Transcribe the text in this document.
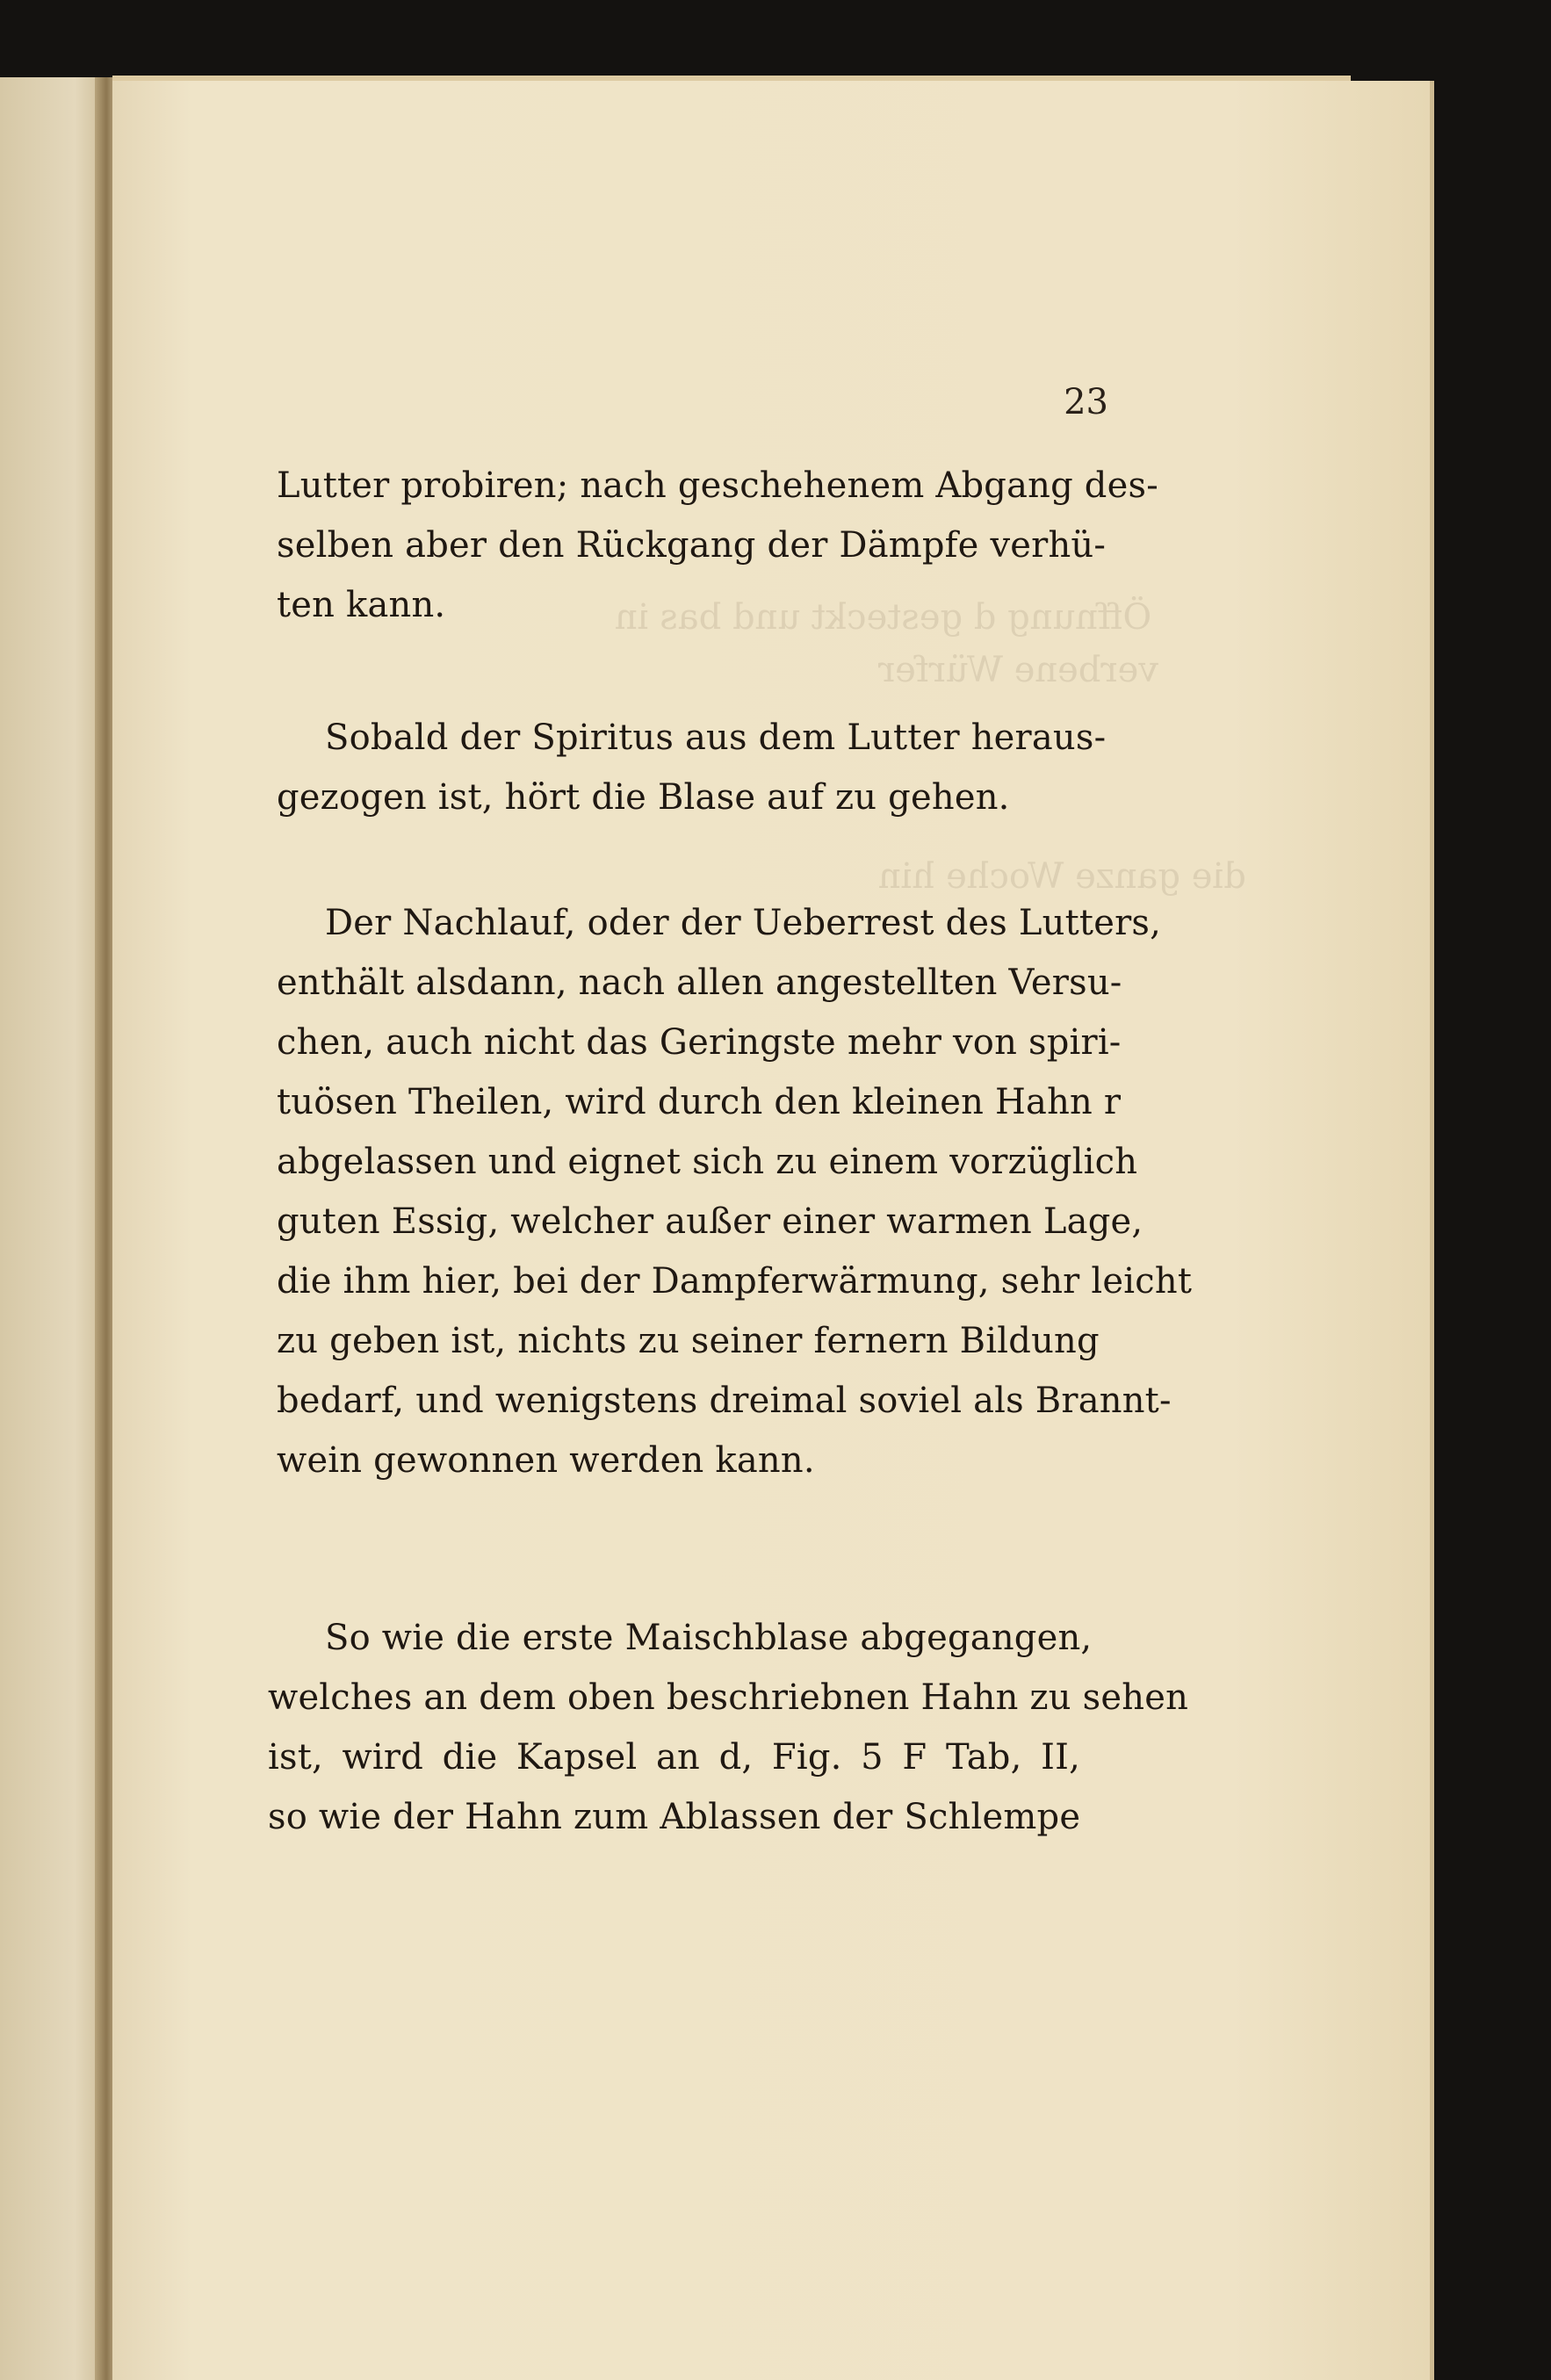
Öffnung d gesteckt und bas in
verbene Würfer
die ganze Woche hin
23
Lutter probiren; nach geschehenem Abgang des-
selben aber den Rückgang der Dämpfe verhü-
ten kann.
Sobald der Spiritus aus dem Lutter heraus-
gezogen ist, hört die Blase auf zu gehen.
Der Nachlauf, oder der Ueberrest des Lutters,
enthält alsdann, nach allen angestellten Versu-
chen, auch nicht das Geringste mehr von spiri-
tuösen Theilen, wird durch den kleinen Hahn r
abgelassen und eignet sich zu einem vorzüglich
guten Essig, welcher außer einer warmen Lage,
die ihm hier, bei der Dampferwärmung, sehr leicht
zu geben ist, nichts zu seiner fernern Bildung
bedarf, und wenigstens dreimal soviel als Brannt-
wein gewonnen werden kann.
So wie die erste Maischblase abgegangen,
welches an dem oben beschriebnen Hahn zu sehen
ist, wird die Kapsel an d, Fig. 5 F Tab, II,
so wie der Hahn zum Ablassen der Schlempe
